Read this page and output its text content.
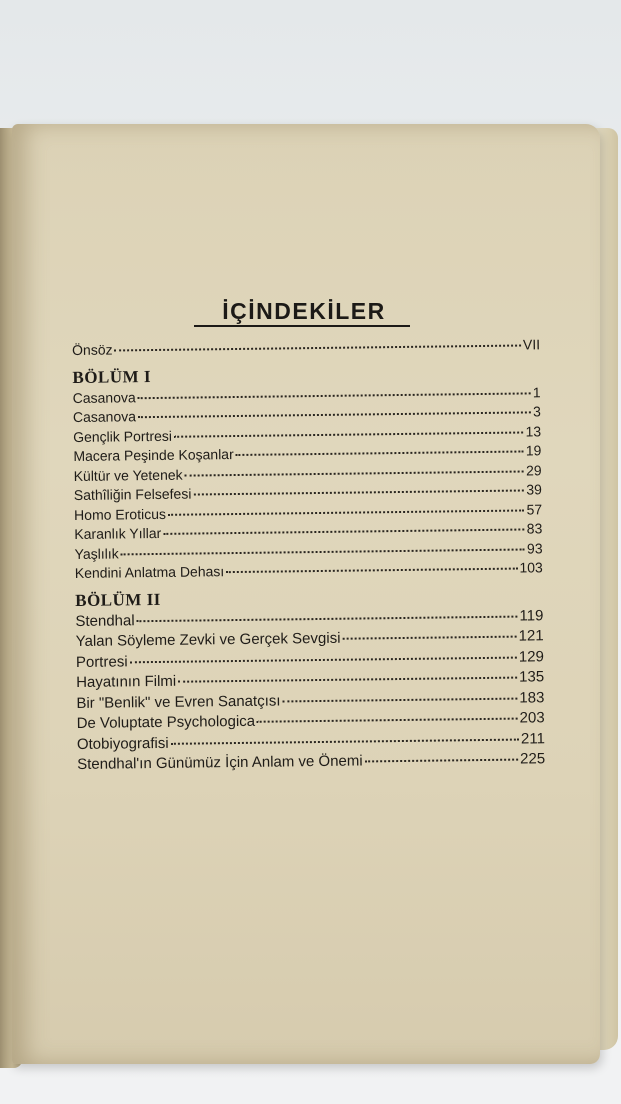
İÇİNDEKİLER
Önsöz	VII
BÖLÜM I
Casanova	1
Casanova	3
Gençlik Portresi	13
Macera Peşinde Koşanlar	19
Kültür ve Yetenek	29
Sathîliğin Felsefesi	39
Homo Eroticus	57
Karanlık Yıllar	83
Yaşlılık	93
Kendini Anlatma Dehası	103
BÖLÜM II
Stendhal	119
Yalan Söyleme Zevki ve Gerçek Sevgisi	121
Portresi	129
Hayatının Filmi	135
Bir "Benlik" ve Evren Sanatçısı	183
De Voluptate Psychologica	203
Otobiyografisi	211
Stendhal'ın Günümüz İçin Anlam ve Önemi	225
